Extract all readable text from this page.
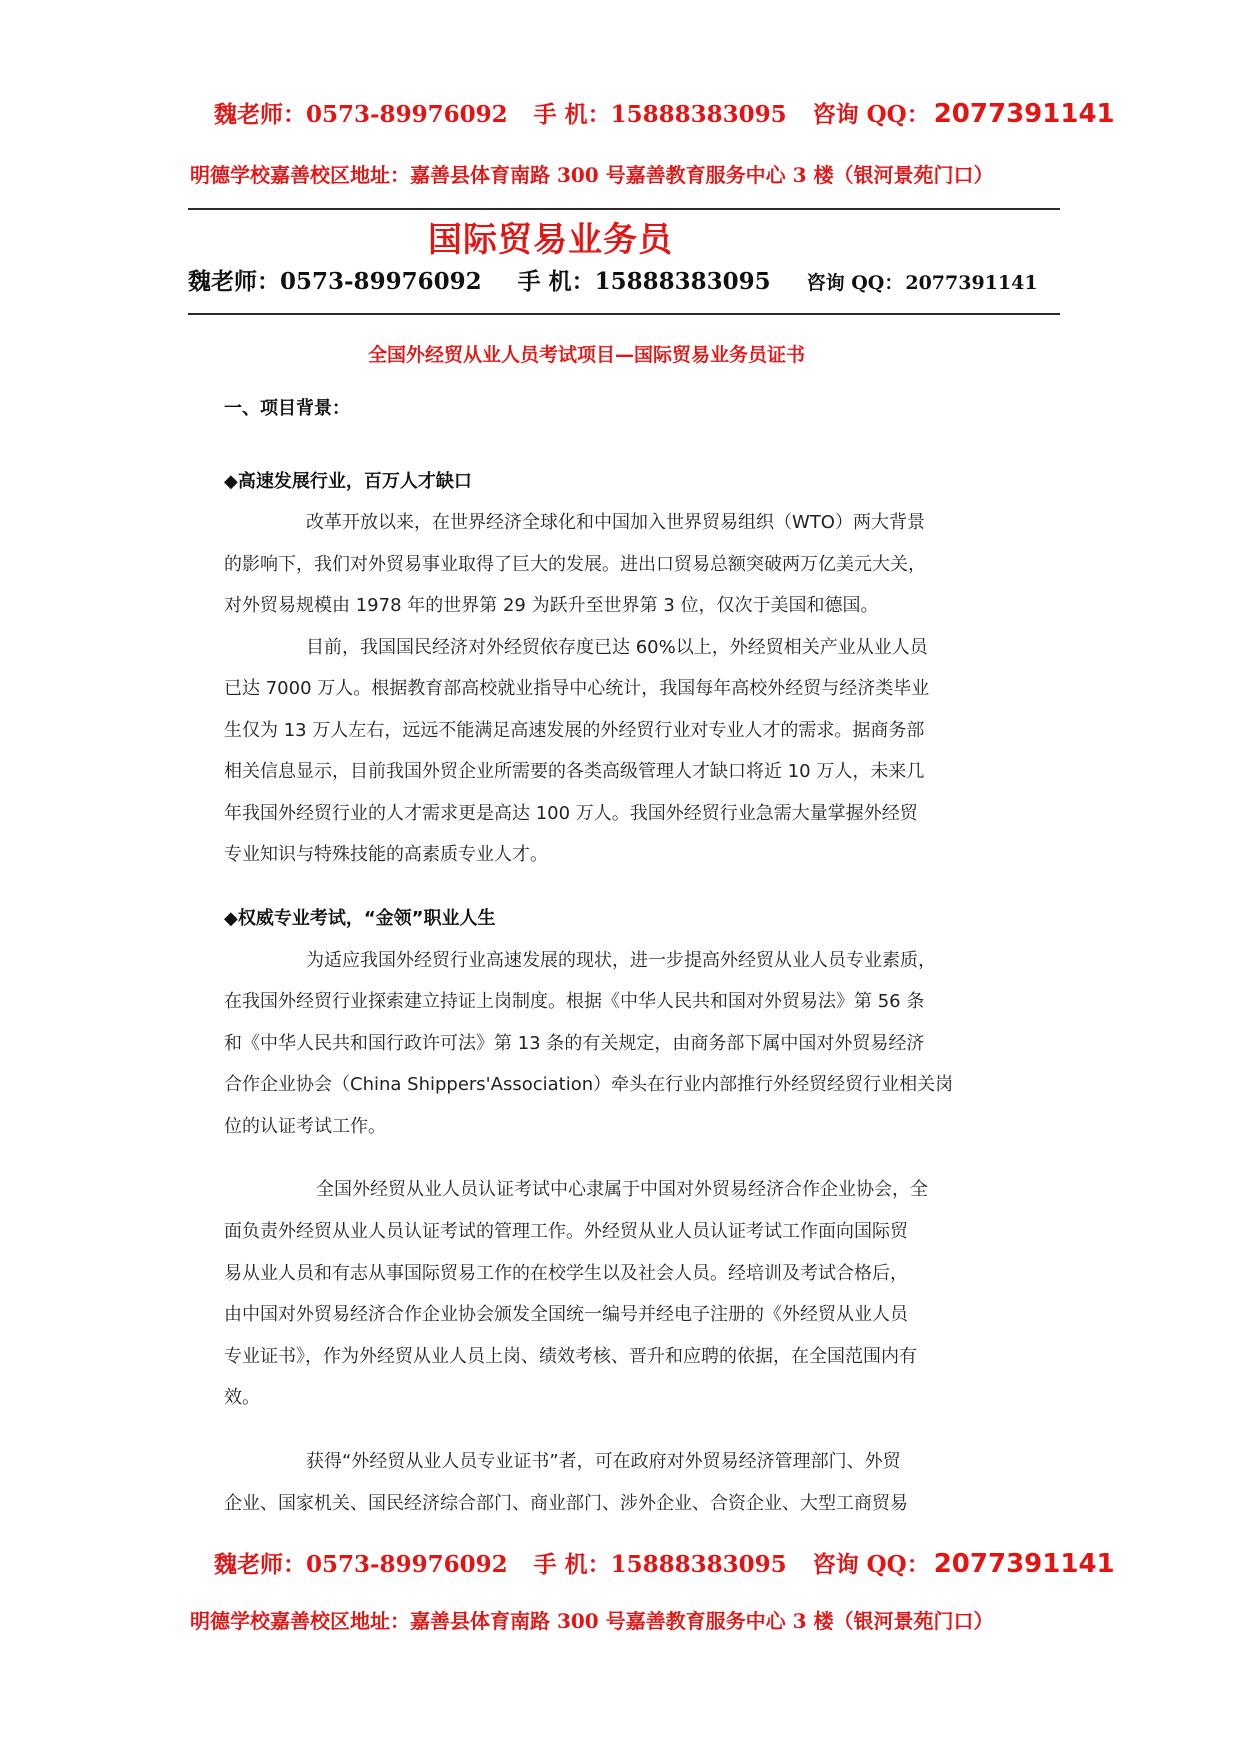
魏老师：0573-89976092 手 机：15888383095 咨询 QQ： 2077391141
明德学校嘉善校区地址：嘉善县体育南路 300 号嘉善教育服务中心 3 楼（银河景苑门口）
国际贸易业务员
魏老师：0573-89976092 手 机：15888383095 咨询 QQ： 2077391141
全国外经贸从业人员考试项目—国际贸易业务员证书
一、项目背景：
◆高速发展行业，百万人才缺口
改革开放以来，在世界经济全球化和中国加入世界贸易组织（WTO）两大背景
的影响下，我们对外贸易事业取得了巨大的发展。进出口贸易总额突破两万亿美元大关，
对外贸易规模由 1978 年的世界第 29 为跃升至世界第 3 位，仅次于美国和德国。
目前，我国国民经济对外经贸依存度已达 60%以上，外经贸相关产业从业人员
已达 7000 万人。根据教育部高校就业指导中心统计，我国每年高校外经贸与经济类毕业
生仅为 13 万人左右，远远不能满足高速发展的外经贸行业对专业人才的需求。据商务部
相关信息显示，目前我国外贸企业所需要的各类高级管理人才缺口将近 10 万人，未来几
年我国外经贸行业的人才需求更是高达 100 万人。我国外经贸行业急需大量掌握外经贸
专业知识与特殊技能的高素质专业人才。
◆权威专业考试，“金领”职业人生
为适应我国外经贸行业高速发展的现状，进一步提高外经贸从业人员专业素质，
在我国外经贸行业探索建立持证上岗制度。根据《中华人民共和国对外贸易法》第 56 条
和《中华人民共和国行政许可法》第 13 条的有关规定，由商务部下属中国对外贸易经济
合作企业协会（China Shippers'Association）牵头在行业内部推行外经贸经贸行业相关岗
位的认证考试工作。
全国外经贸从业人员认证考试中心隶属于中国对外贸易经济合作企业协会，全
面负责外经贸从业人员认证考试的管理工作。外经贸从业人员认证考试工作面向国际贸
易从业人员和有志从事国际贸易工作的在校学生以及社会人员。经培训及考试合格后，
由中国对外贸易经济合作企业协会颁发全国统一编号并经电子注册的《外经贸从业人员
专业证书》，作为外经贸从业人员上岗、绩效考核、晋升和应聘的依据，在全国范围内有
效。
获得“外经贸从业人员专业证书”者，可在政府对外贸易经济管理部门、外贸
企业、国家机关、国民经济综合部门、商业部门、涉外企业、合资企业、大型工商贸易
魏老师：0573-89976092 手 机：15888383095 咨询 QQ： 2077391141
明德学校嘉善校区地址：嘉善县体育南路 300 号嘉善教育服务中心 3 楼（银河景苑门口）
